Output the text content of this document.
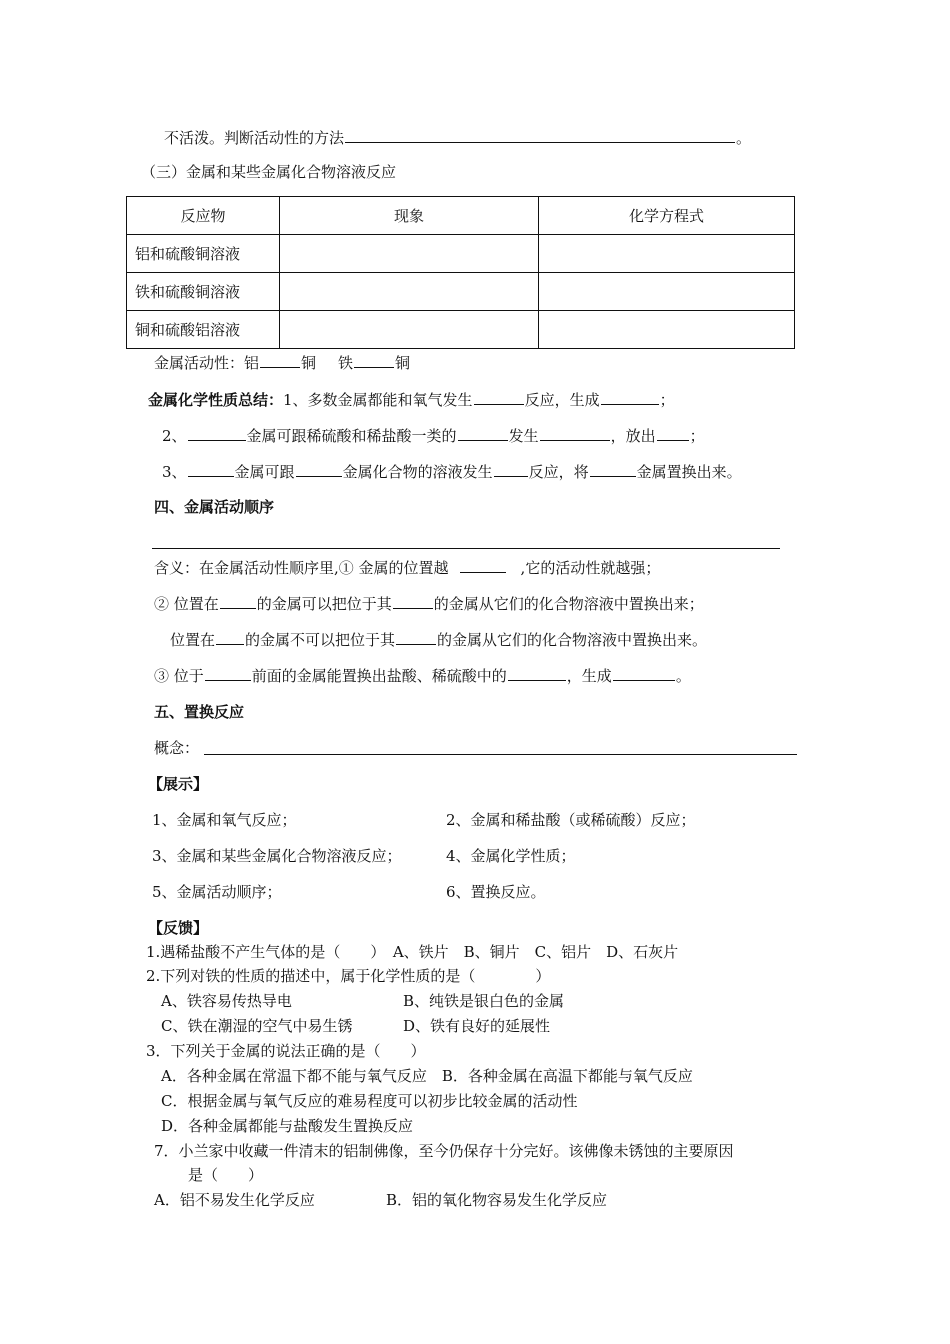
不活泼。判断活动性的方法	。
（三）金属和某些金属化合物溶液反应
反应物	现象	化学方程式
铝和硫酸铜溶液		
铁和硫酸铜溶液		
铜和硫酸铝溶液		
金属活动性：铝	铜 铁	铜
金属化学性质总结：1、多数金属都能和氧气发生	反应，生成	；
2、	金属可跟稀硫酸和稀盐酸一类的	发生	，放出 ；
3、	金属可跟	金属化合物的溶液发生 反应，将	金属置换出来。
四、金属活动顺序
含义：在金属活动性顺序里,① 金属的位置越	,它的活动性就越强；
② 位置在	的金属可以把位于其	的金属从它们的化合物溶液中置换出来；
位置在 的金属不可以把位于其	的金属从它们的化合物溶液中置换出来。
③ 位于	前面的金属能置换出盐酸、稀硫酸中的	，生成	。
五、置换反应
概念：
【展示】
1、金属和氧气反应；	2、金属和稀盐酸（或稀硫酸）反应；
3、金属和某些金属化合物溶液反应；	4、金属化学性质；
5、金属活动顺序；	6、置换反应。
【反馈】
1.遇稀盐酸不产生气体的是（　　）　A、铁片　B、铜片　C、铝片　D、石灰片
2.下列对铁的性质的描述中，属于化学性质的是（　　　　）
A、铁容易传热导电	B、纯铁是银白色的金属
C、铁在潮湿的空气中易生锈	D、铁有良好的延展性
3．下列关于金属的说法正确的是（　　）
A．各种金属在常温下都不能与氧气反应　B．各种金属在高温下都能与氧气反应
C．根据金属与氧气反应的难易程度可以初步比较金属的活动性
D．各种金属都能与盐酸发生置换反应
7．小兰家中收藏一件清末的铝制佛像，至今仍保存十分完好。该佛像未锈蚀的主要原因
是（　　）
A．铝不易发生化学反应	B．铝的氧化物容易发生化学反应
